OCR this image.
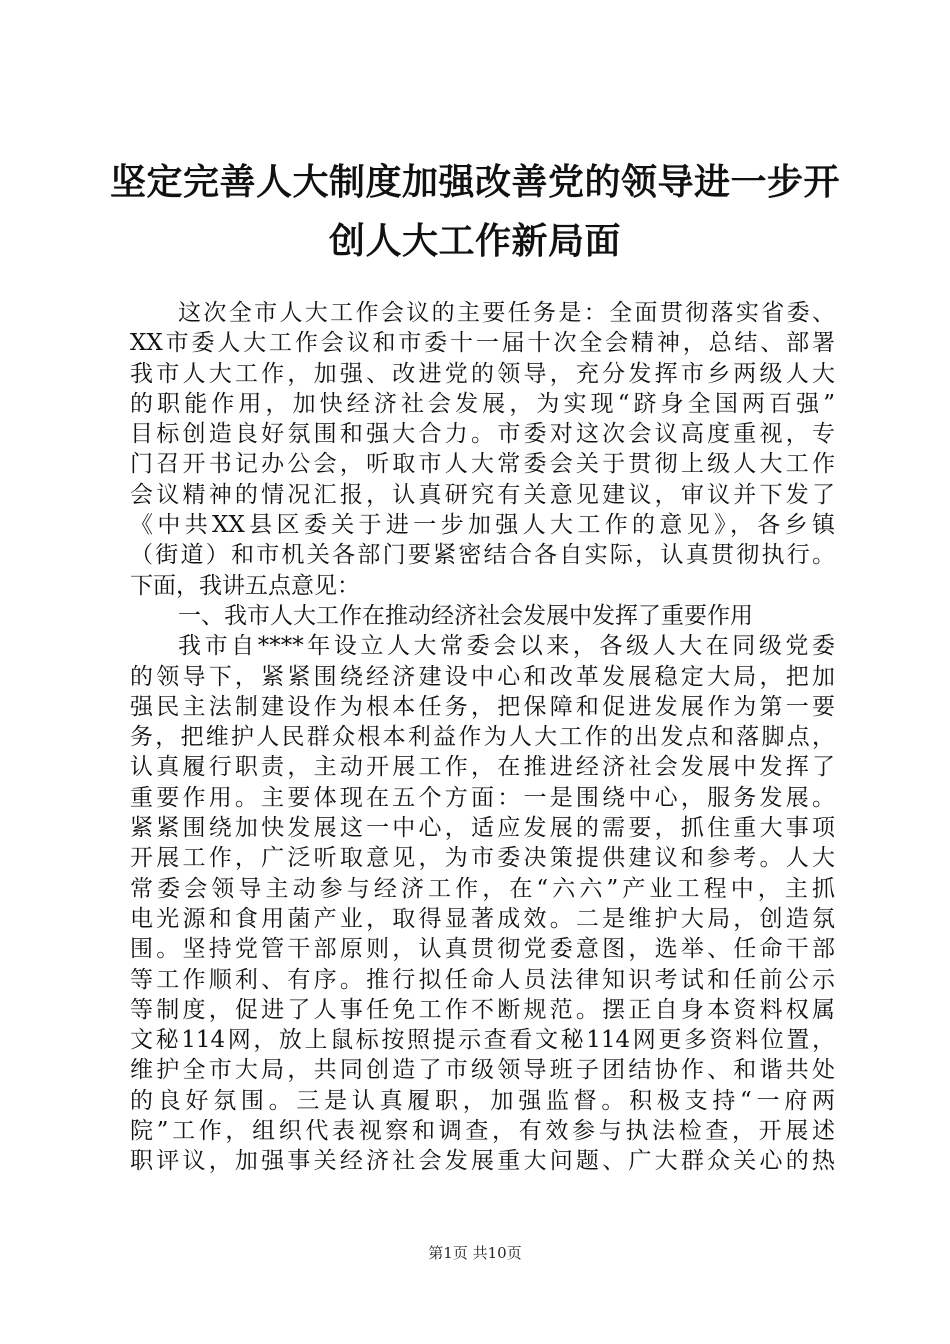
坚定完善人大制度加强改善党的领导进一步开
创人大工作新局面
这次全市人大工作会议的主要任务是：全面贯彻落实省委、
XX市委人大工作会议和市委十一届十次全会精神，总结、部署
我市人大工作，加强、改进党的领导，充分发挥市乡两级人大
的职能作用，加快经济社会发展，为实现“跻身全国两百强”
目标创造良好氛围和强大合力。市委对这次会议高度重视，专
门召开书记办公会，听取市人大常委会关于贯彻上级人大工作
会议精神的情况汇报，认真研究有关意见建议，审议并下发了
《中共XX县区委关于进一步加强人大工作的意见》，各乡镇
（街道）和市机关各部门要紧密结合各自实际，认真贯彻执行。
下面，我讲五点意见：
一、我市人大工作在推动经济社会发展中发挥了重要作用
我市自****年设立人大常委会以来，各级人大在同级党委
的领导下，紧紧围绕经济建设中心和改革发展稳定大局，把加
强民主法制建设作为根本任务，把保障和促进发展作为第一要
务，把维护人民群众根本利益作为人大工作的出发点和落脚点，
认真履行职责，主动开展工作，在推进经济社会发展中发挥了
重要作用。主要体现在五个方面：一是围绕中心，服务发展。
紧紧围绕加快发展这一中心，适应发展的需要，抓住重大事项
开展工作，广泛听取意见，为市委决策提供建议和参考。人大
常委会领导主动参与经济工作，在“六六”产业工程中，主抓
电光源和食用菌产业，取得显著成效。二是维护大局，创造氛
围。坚持党管干部原则，认真贯彻党委意图，选举、任命干部
等工作顺利、有序。推行拟任命人员法律知识考试和任前公示
等制度，促进了人事任免工作不断规范。摆正自身本资料权属
文秘114网，放上鼠标按照提示查看文秘114网更多资料位置，
维护全市大局，共同创造了市级领导班子团结协作、和谐共处
的良好氛围。三是认真履职，加强监督。积极支持“一府两
院”工作，组织代表视察和调查，有效参与执法检查，开展述
职评议，加强事关经济社会发展重大问题、广大群众关心的热
第1页 共10页
